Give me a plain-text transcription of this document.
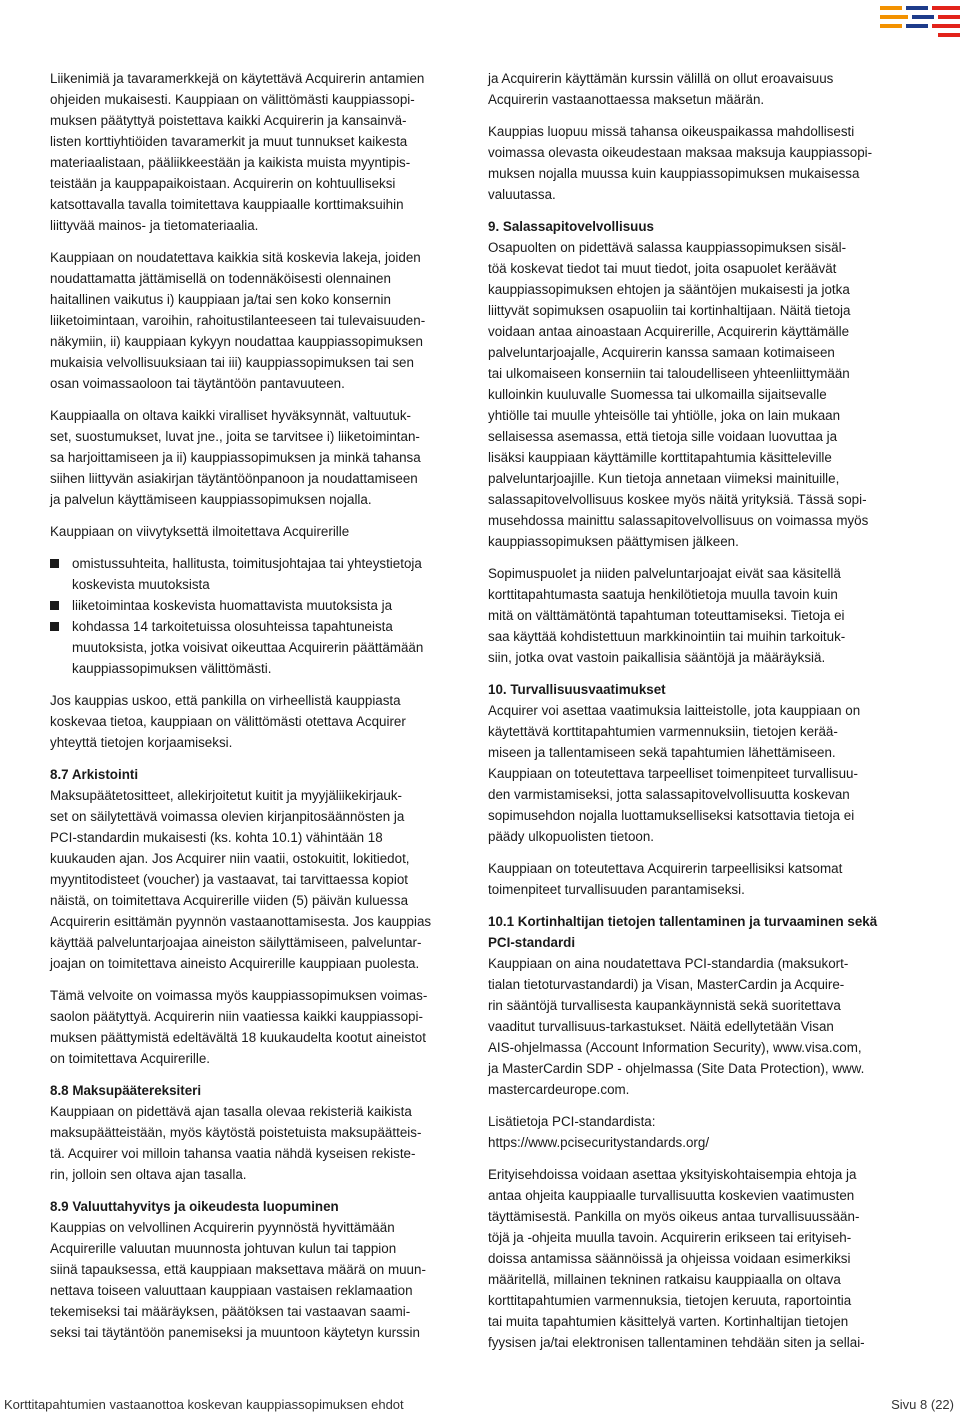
Liikenimiä ja tavaramerkkejä on käytettävä Acquirerin antamien
ohjeiden mukaisesti. Kauppiaan on välittömästi kauppiassopi-
muksen päätyttyä poistettava kaikki Acquirerin ja kansainvä-
listen korttiyhtiöiden tavaramerkit ja muut tunnukset kaikesta
materiaalistaan, pääliikkeestään ja kaikista muista myyntipis-
teistään ja kauppapaikoistaan. Acquirerin on kohtuulliseksi
katsottavalla tavalla toimitettava kauppiaalle korttimaksuihin
liittyvää mainos- ja tietomateriaalia.

Kauppiaan on noudatettava kaikkia sitä koskevia lakeja, joiden
noudattamatta jättämisellä on todennäköisesti olennainen
haitallinen vaikutus i) kauppiaan ja/tai sen koko konsernin
liiketoimintaan, varoihin, rahoitustilanteeseen tai tulevaisuuden-
näkymiin, ii) kauppiaan kykyyn noudattaa kauppiassopimuksen
mukaisia velvollisuuksiaan tai iii) kauppiassopimuksen tai sen
osan voimassaoloon tai täytäntöön pantavuuteen.

Kauppiaalla on oltava kaikki viralliset hyväksynnät, valtuutuk-
set, suostumukset, luvat jne., joita se tarvitsee i) liiketoimintan-
sa harjoittamiseen ja ii) kauppiassopimuksen ja minkä tahansa
siihen liittyvän asiakirjan täytäntöönpanoon ja noudattamiseen
ja palvelun käyttämiseen kauppiassopimuksen nojalla.

Kauppiaan on viivytyksettä ilmoitettava Acquirerille

omistussuhteita, hallitusta, toimitusjohtajaa tai yhteystietoja
koskevista muutoksista
liiketoimintaa koskevista huomattavista muutoksista ja
kohdassa 14 tarkoitetuissa olosuhteissa tapahtuneista
muutoksista, jotka voisivat oikeuttaa Acquirerin päättämään
kauppiassopimuksen välittömästi.

Jos kauppias uskoo, että pankilla on virheellistä kauppiasta
koskevaa tietoa, kauppiaan on välittömästi otettava Acquirer
yhteyttä tietojen korjaamiseksi.

8.7 Arkistointi

Maksupäätetositteet, allekirjoitetut kuitit ja myyjäliikekirjauk-
set on säilytettävä voimassa olevien kirjanpitosäännösten ja
PCI-standardin mukaisesti (ks. kohta 10.1) vähintään 18
kuukauden ajan. Jos Acquirer niin vaatii, ostokuitit, lokitiedot,
myyntitodisteet (voucher) ja vastaavat, tai tarvittaessa kopiot
näistä, on toimitettava Acquirerille viiden (5) päivän kuluessa
Acquirerin esittämän pyynnön vastaanottamisesta. Jos kauppias
käyttää palveluntarjoajaa aineiston säilyttämiseen, palveluntar-
joajan on toimitettava aineisto Acquirerille kauppiaan puolesta.

Tämä velvoite on voimassa myös kauppiassopimuksen voimas-
saolon päätyttyä. Acquirerin niin vaatiessa kaikki kauppiassopi-
muksen päättymistä edeltävältä 18 kuukaudelta kootut aineistot
on toimitettava Acquirerille.

8.8 Maksupäätereksiteri

Kauppiaan on pidettävä ajan tasalla olevaa rekisteriä kaikista
maksupäätteistään, myös käytöstä poistetuista maksupäätteis-
tä. Acquirer voi milloin tahansa vaatia nähdä kyseisen rekiste-
rin, jolloin sen oltava ajan tasalla.

8.9 Valuuttahyvitys ja oikeudesta luopuminen

Kauppias on velvollinen Acquirerin pyynnöstä hyvittämään
Acquirerille valuutan muunnosta johtuvan kulun tai tappion
siinä tapauksessa, että kauppiaan maksettava määrä on muun-
nettava toiseen valuuttaan kauppiaan vastaisen reklamaation
tekemiseksi tai määräyksen, päätöksen tai vastaavan saami-
seksi tai täytäntöön panemiseksi ja muuntoon käytetyn kurssin

ja Acquirerin käyttämän kurssin välillä on ollut eroavaisuus
Acquirerin vastaanottaessa maksetun määrän.

Kauppias luopuu missä tahansa oikeuspaikassa mahdollisesti
voimassa olevasta oikeudestaan maksaa maksuja kauppiassopi-
muksen nojalla muussa kuin kauppiassopimuksen mukaisessa
valuutassa.

9. Salassapitovelvollisuus

Osapuolten on pidettävä salassa kauppiassopimuksen sisäl-
töä koskevat tiedot tai muut tiedot, joita osapuolet keräävät
kauppiassopimuksen ehtojen ja sääntöjen mukaisesti ja jotka
liittyvät sopimuksen osapuoliin tai kortinhaltijaan. Näitä tietoja
voidaan antaa ainoastaan Acquirerille, Acquirerin käyttämälle
palveluntarjoajalle, Acquirerin kanssa samaan kotimaiseen
tai ulkomaiseen konserniin tai taloudelliseen yhteenliittymään
kulloinkin kuuluvalle Suomessa tai ulkomailla sijaitsevalle
yhtiölle tai muulle yhteisölle tai yhtiölle, joka on lain mukaan
sellaisessa asemassa, että tietoja sille voidaan luovuttaa ja
lisäksi kauppiaan käyttämille korttitapahtumia käsitteleville
palveluntarjoajille. Kun tietoja annetaan viimeksi mainituille,
salassapitovelvollisuus koskee myös näitä yrityksiä. Tässä sopi-
musehdossa mainittu salassapitovelvollisuus on voimassa myös
kauppiassopimuksen päättymisen jälkeen.

Sopimuspuolet ja niiden palveluntarjoajat eivät saa käsitellä
korttitapahtumasta saatuja henkilötietoja muulla tavoin kuin
mitä on välttämätöntä tapahtuman toteuttamiseksi. Tietoja ei
saa käyttää kohdistettuun markkinointiin tai muihin tarkoituk-
siin, jotka ovat vastoin paikallisia sääntöjä ja määräyksiä.

10. Turvallisuusvaatimukset

Acquirer voi asettaa vaatimuksia laitteistolle, jota kauppiaan on
käytettävä korttitapahtumien varmennuksiin, tietojen kerää-
miseen ja tallentamiseen sekä tapahtumien lähettämiseen.
Kauppiaan on toteutettava tarpeelliset toimenpiteet turvallisuu-
den varmistamiseksi, jotta salassapitovelvollisuutta koskevan
sopimusehdon nojalla luottamukselliseksi katsottavia tietoja ei
päädy ulkopuolisten tietoon.

Kauppiaan on toteutettava Acquirerin tarpeellisiksi katsomat
toimenpiteet turvallisuuden parantamiseksi.

10.1 Kortinhaltijan tietojen tallentaminen ja turvaaminen sekä
PCI-standardi

Kauppiaan on aina noudatettava PCI-standardia (maksukort-
tialan tietoturvastandardi) ja Visan, MasterCardin ja Acquire-
rin sääntöjä turvallisesta kaupankäynnistä sekä suoritettava
vaaditut turvallisuus-tarkastukset. Näitä edellytetään Visan
AIS-ohjelmassa (Account Information Security), www.visa.com,
ja MasterCardin SDP - ohjelmassa (Site Data Protection), www.
mastercardeurope.com.

Lisätietoja PCI-standardista:
https://www.pcisecuritystandards.org/

Erityisehdoissa voidaan asettaa yksityiskohtaisempia ehtoja ja
antaa ohjeita kauppiaalle turvallisuutta koskevien vaatimusten
täyttämisestä. Pankilla on myös oikeus antaa turvallisuussään-
töjä ja -ohjeita muulla tavoin. Acquirerin erikseen tai erityiseh-
doissa antamissa säännöissä ja ohjeissa voidaan esimerkiksi
määritellä, millainen tekninen ratkaisu kauppiaalla on oltava
korttitapahtumien varmennuksia, tietojen keruuta, raportointia
tai muita tapahtumien käsittelyä varten. Kortinhaltijan tietojen
fyysisen ja/tai elektronisen tallentaminen tehdään siten ja sellai-

Korttitapahtumien vastaanottoa koskevan kauppiassopimuksen ehdot	Sivu 8 (22)
